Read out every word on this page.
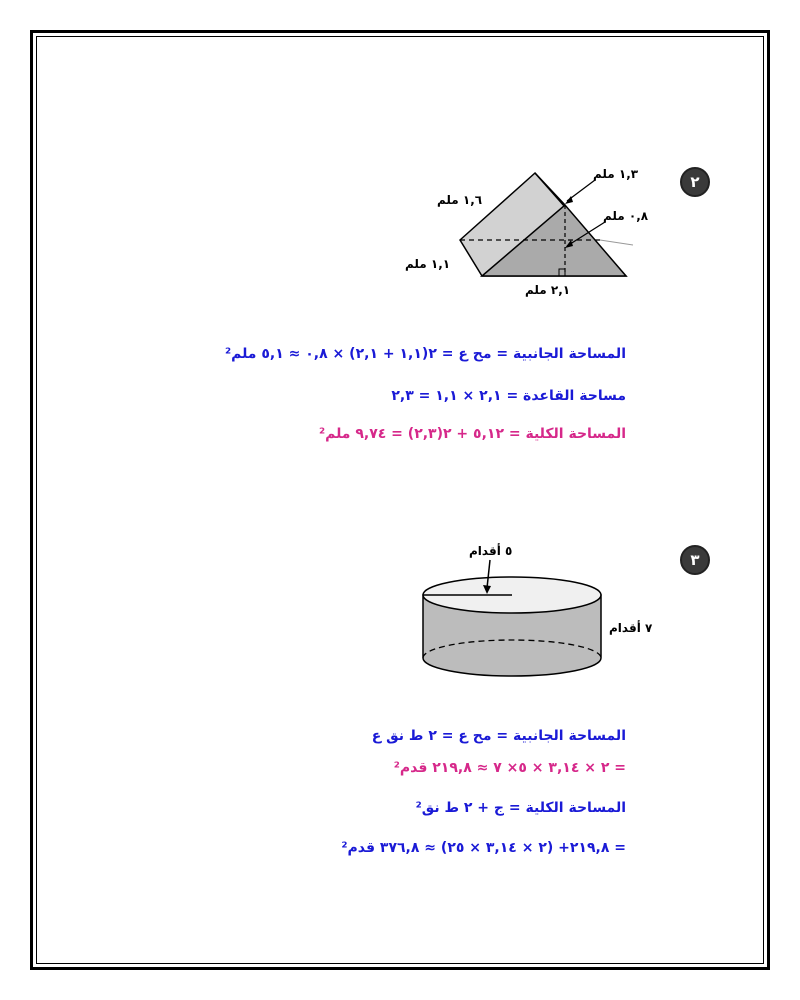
٢
١,٣ ملم
١,٦ ملم
٠,٨ ملم
١,١ ملم
٢,١ ملم
المساحة الجانبية = مح ع = ٢(١,١ + ٢,١) × ٠,٨ ≈ ٥,١ ملم²
مساحة القاعدة = ٢,١ × ١,١ = ٢,٣
المساحة الكلية = ٥,١٢ + ٢(٢,٣) = ٩,٧٤ ملم²
٣
٥ أقدام
٧ أقدام
المساحة الجانبية = مح ع = ٢ ط نق ع
= ٢ × ٣,١٤ × ٥× ٧ ≈ ٢١٩,٨ قدم²
المساحة الكلية = ج + ٢ ط نق²
= ٢١٩,٨+ (٢ × ٣,١٤ × ٢٥) ≈ ٣٧٦,٨ قدم²
